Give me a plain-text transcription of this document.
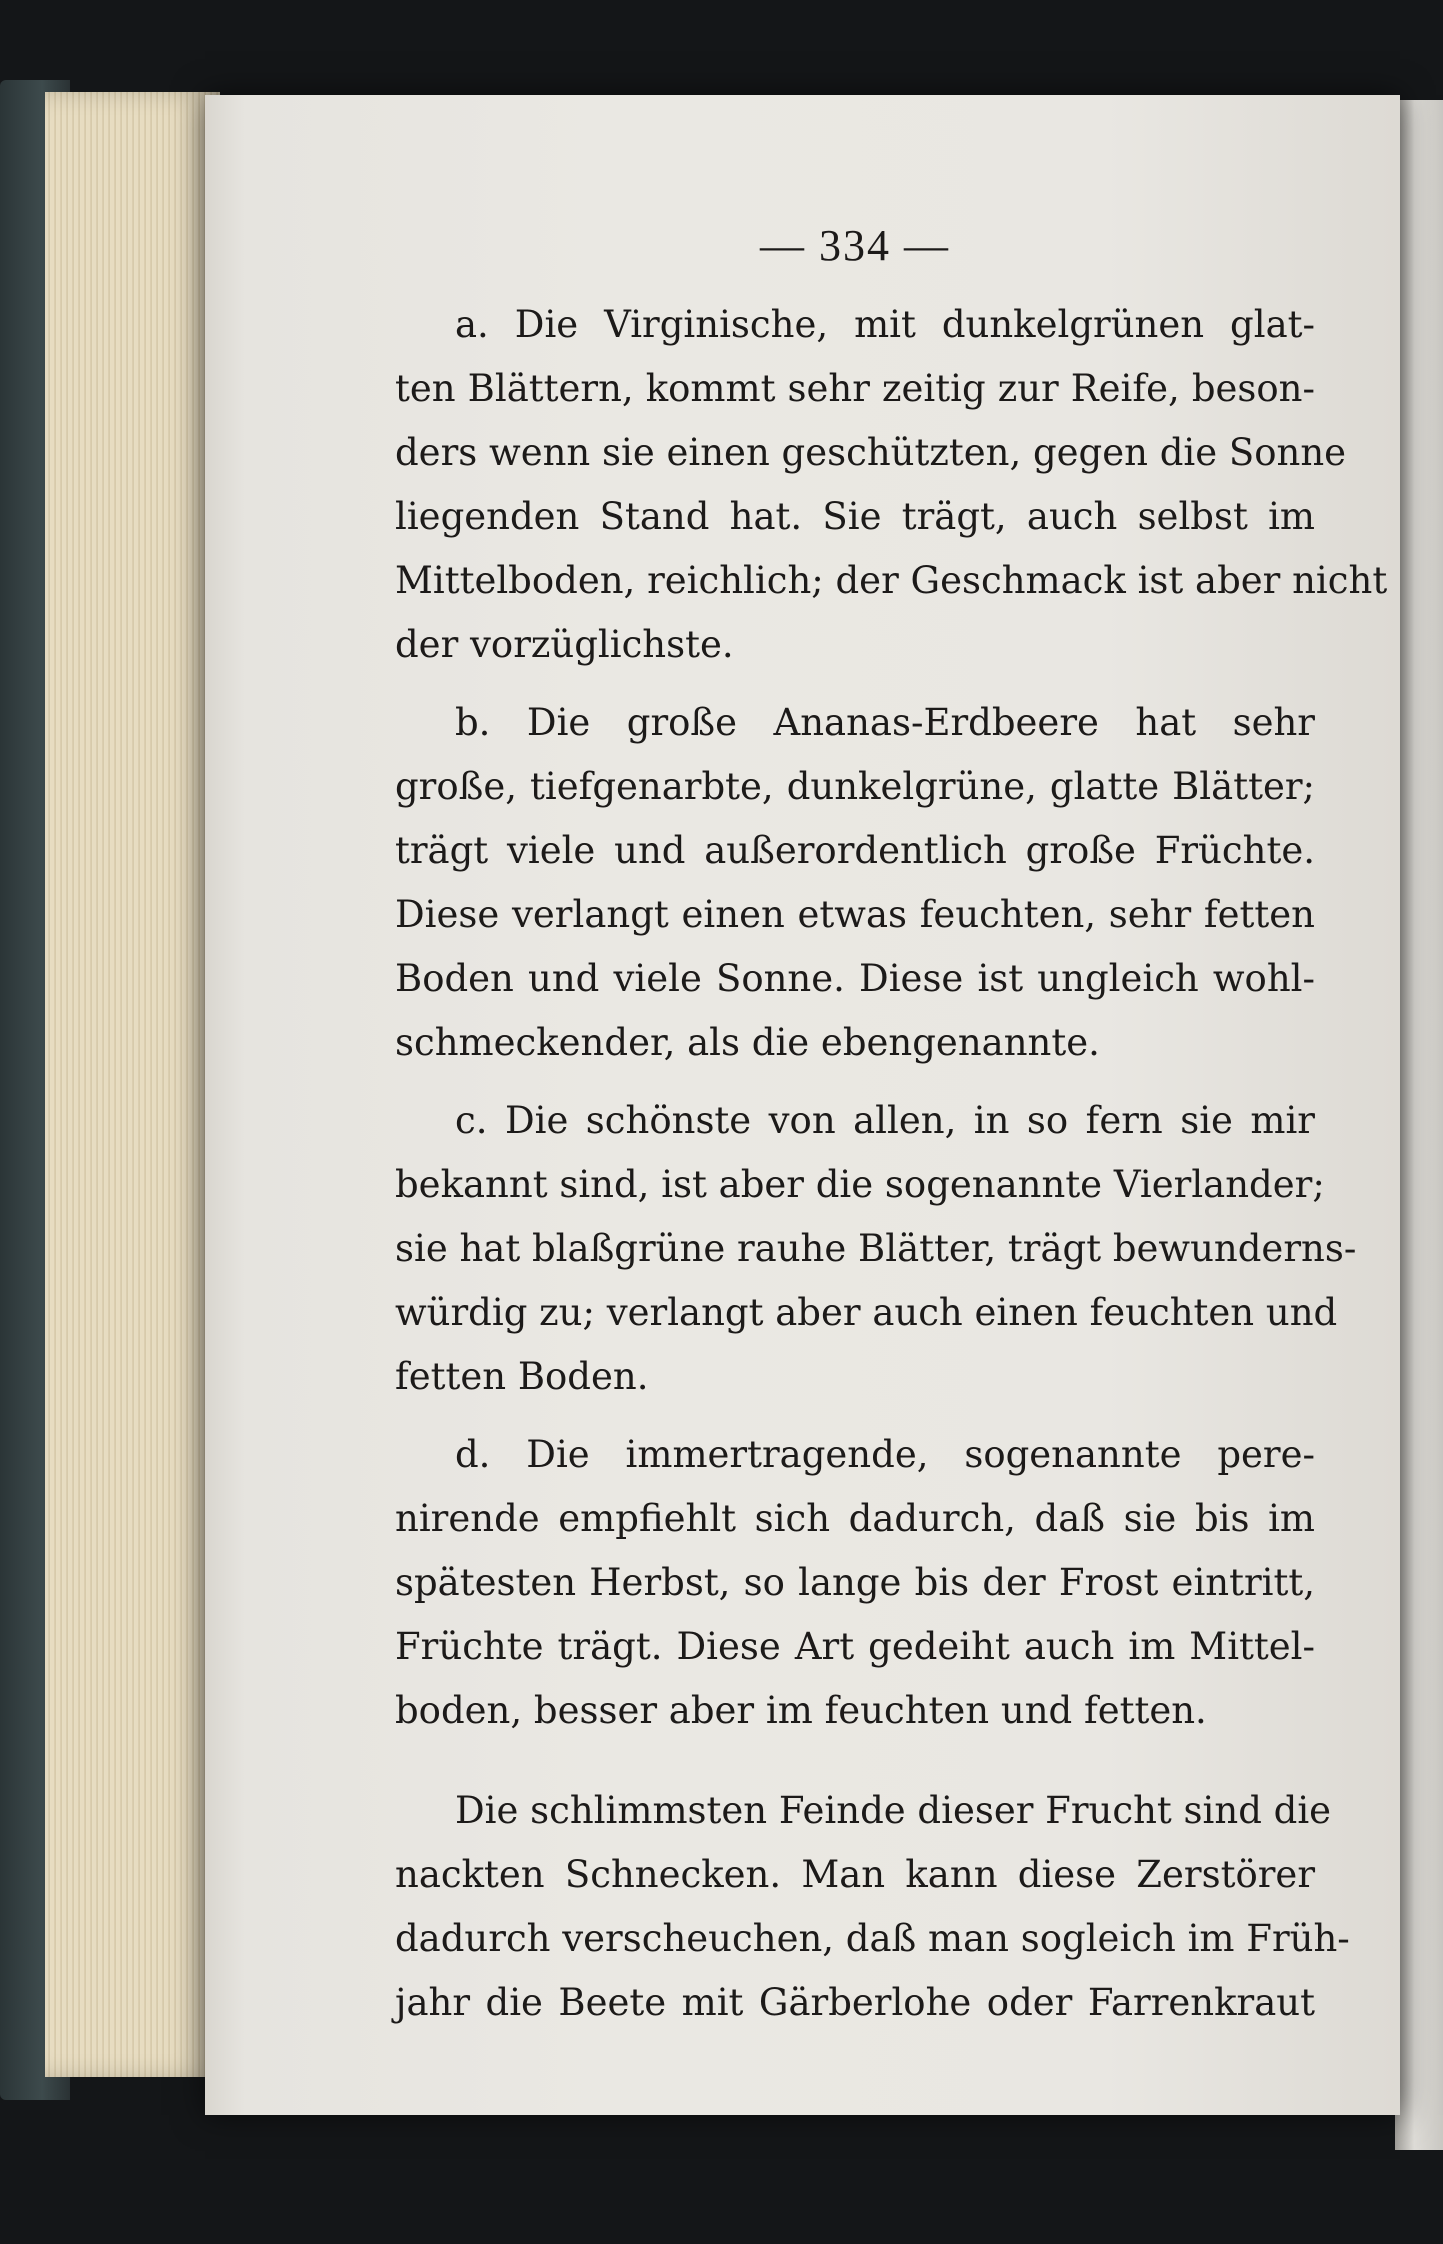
— 334 —

a. Die Virginische, mit dunkelgrünen glat-
ten Blättern, kommt sehr zeitig zur Reife, beson-
ders wenn sie einen geschützten, gegen die Sonne
liegenden Stand hat. Sie trägt, auch selbst im
Mittelboden, reichlich; der Geschmack ist aber nicht
der vorzüglichste.

b. Die große Ananas-Erdbeere hat sehr
große, tiefgenarbte, dunkelgrüne, glatte Blätter;
trägt viele und außerordentlich große Früchte.
Diese verlangt einen etwas feuchten, sehr fetten
Boden und viele Sonne. Diese ist ungleich wohl-
schmeckender, als die ebengenannte.

c. Die schönste von allen, in so fern sie mir
bekannt sind, ist aber die sogenannte Vierlander;
sie hat blaßgrüne rauhe Blätter, trägt bewunderns-
würdig zu; verlangt aber auch einen feuchten und
fetten Boden.

d. Die immertragende, sogenannte pere-
nirende empfiehlt sich dadurch, daß sie bis im
spätesten Herbst, so lange bis der Frost eintritt,
Früchte trägt. Diese Art gedeiht auch im Mittel-
boden, besser aber im feuchten und fetten.

Die schlimmsten Feinde dieser Frucht sind die
nackten Schnecken. Man kann diese Zerstörer
dadurch verscheuchen, daß man sogleich im Früh-
jahr die Beete mit Gärberlohe oder Farrenkraut
